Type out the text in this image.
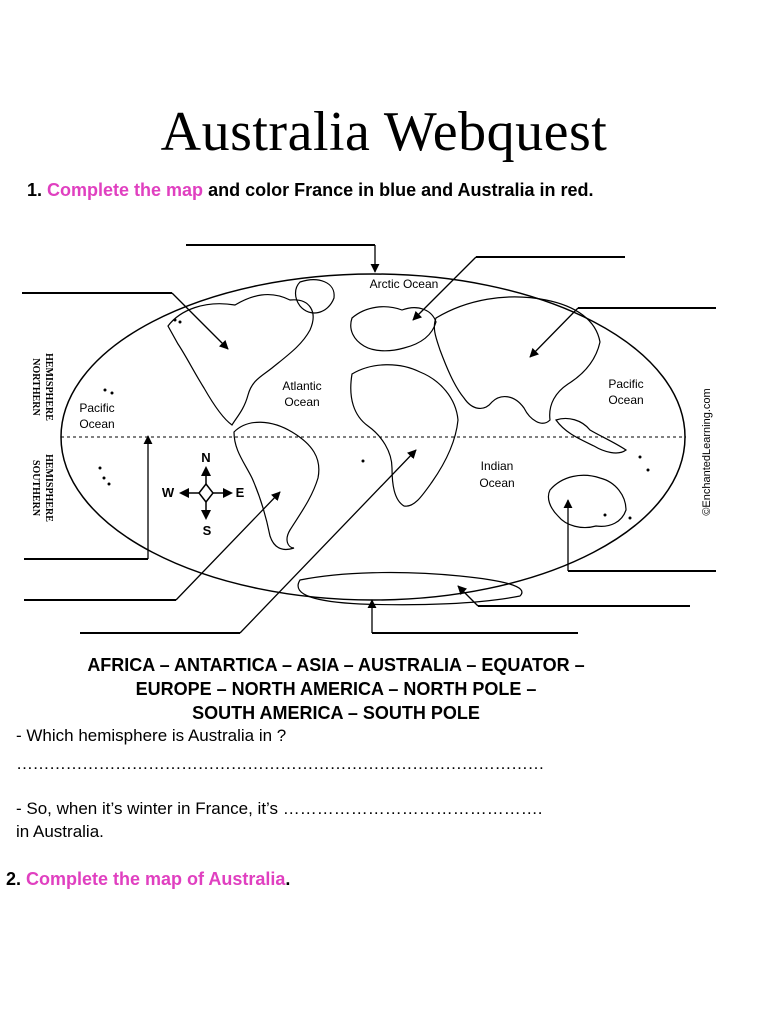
Australia Webquest
1. Complete the map and color France in blue and Australia in red.
Arctic Ocean
Atlantic
Ocean
Pacific
Ocean
Pacific
Ocean
Indian
Ocean
NORTHERN HEMISPHERE
SOUTHERN HEMISPHERE	©EnchantedLearning.com
N
S
E
W
AFRICA – ANTARTICA – ASIA – AUSTRALIA – EQUATOR –
EUROPE – NORTH AMERICA – NORTH POLE –
SOUTH AMERICA – SOUTH POLE
- Which hemisphere is Australia in ?
……………………………………………………………………………………
- So, when it’s winter in France, it’s ……………………………………….
in Australia.
2. Complete the map of Australia.
